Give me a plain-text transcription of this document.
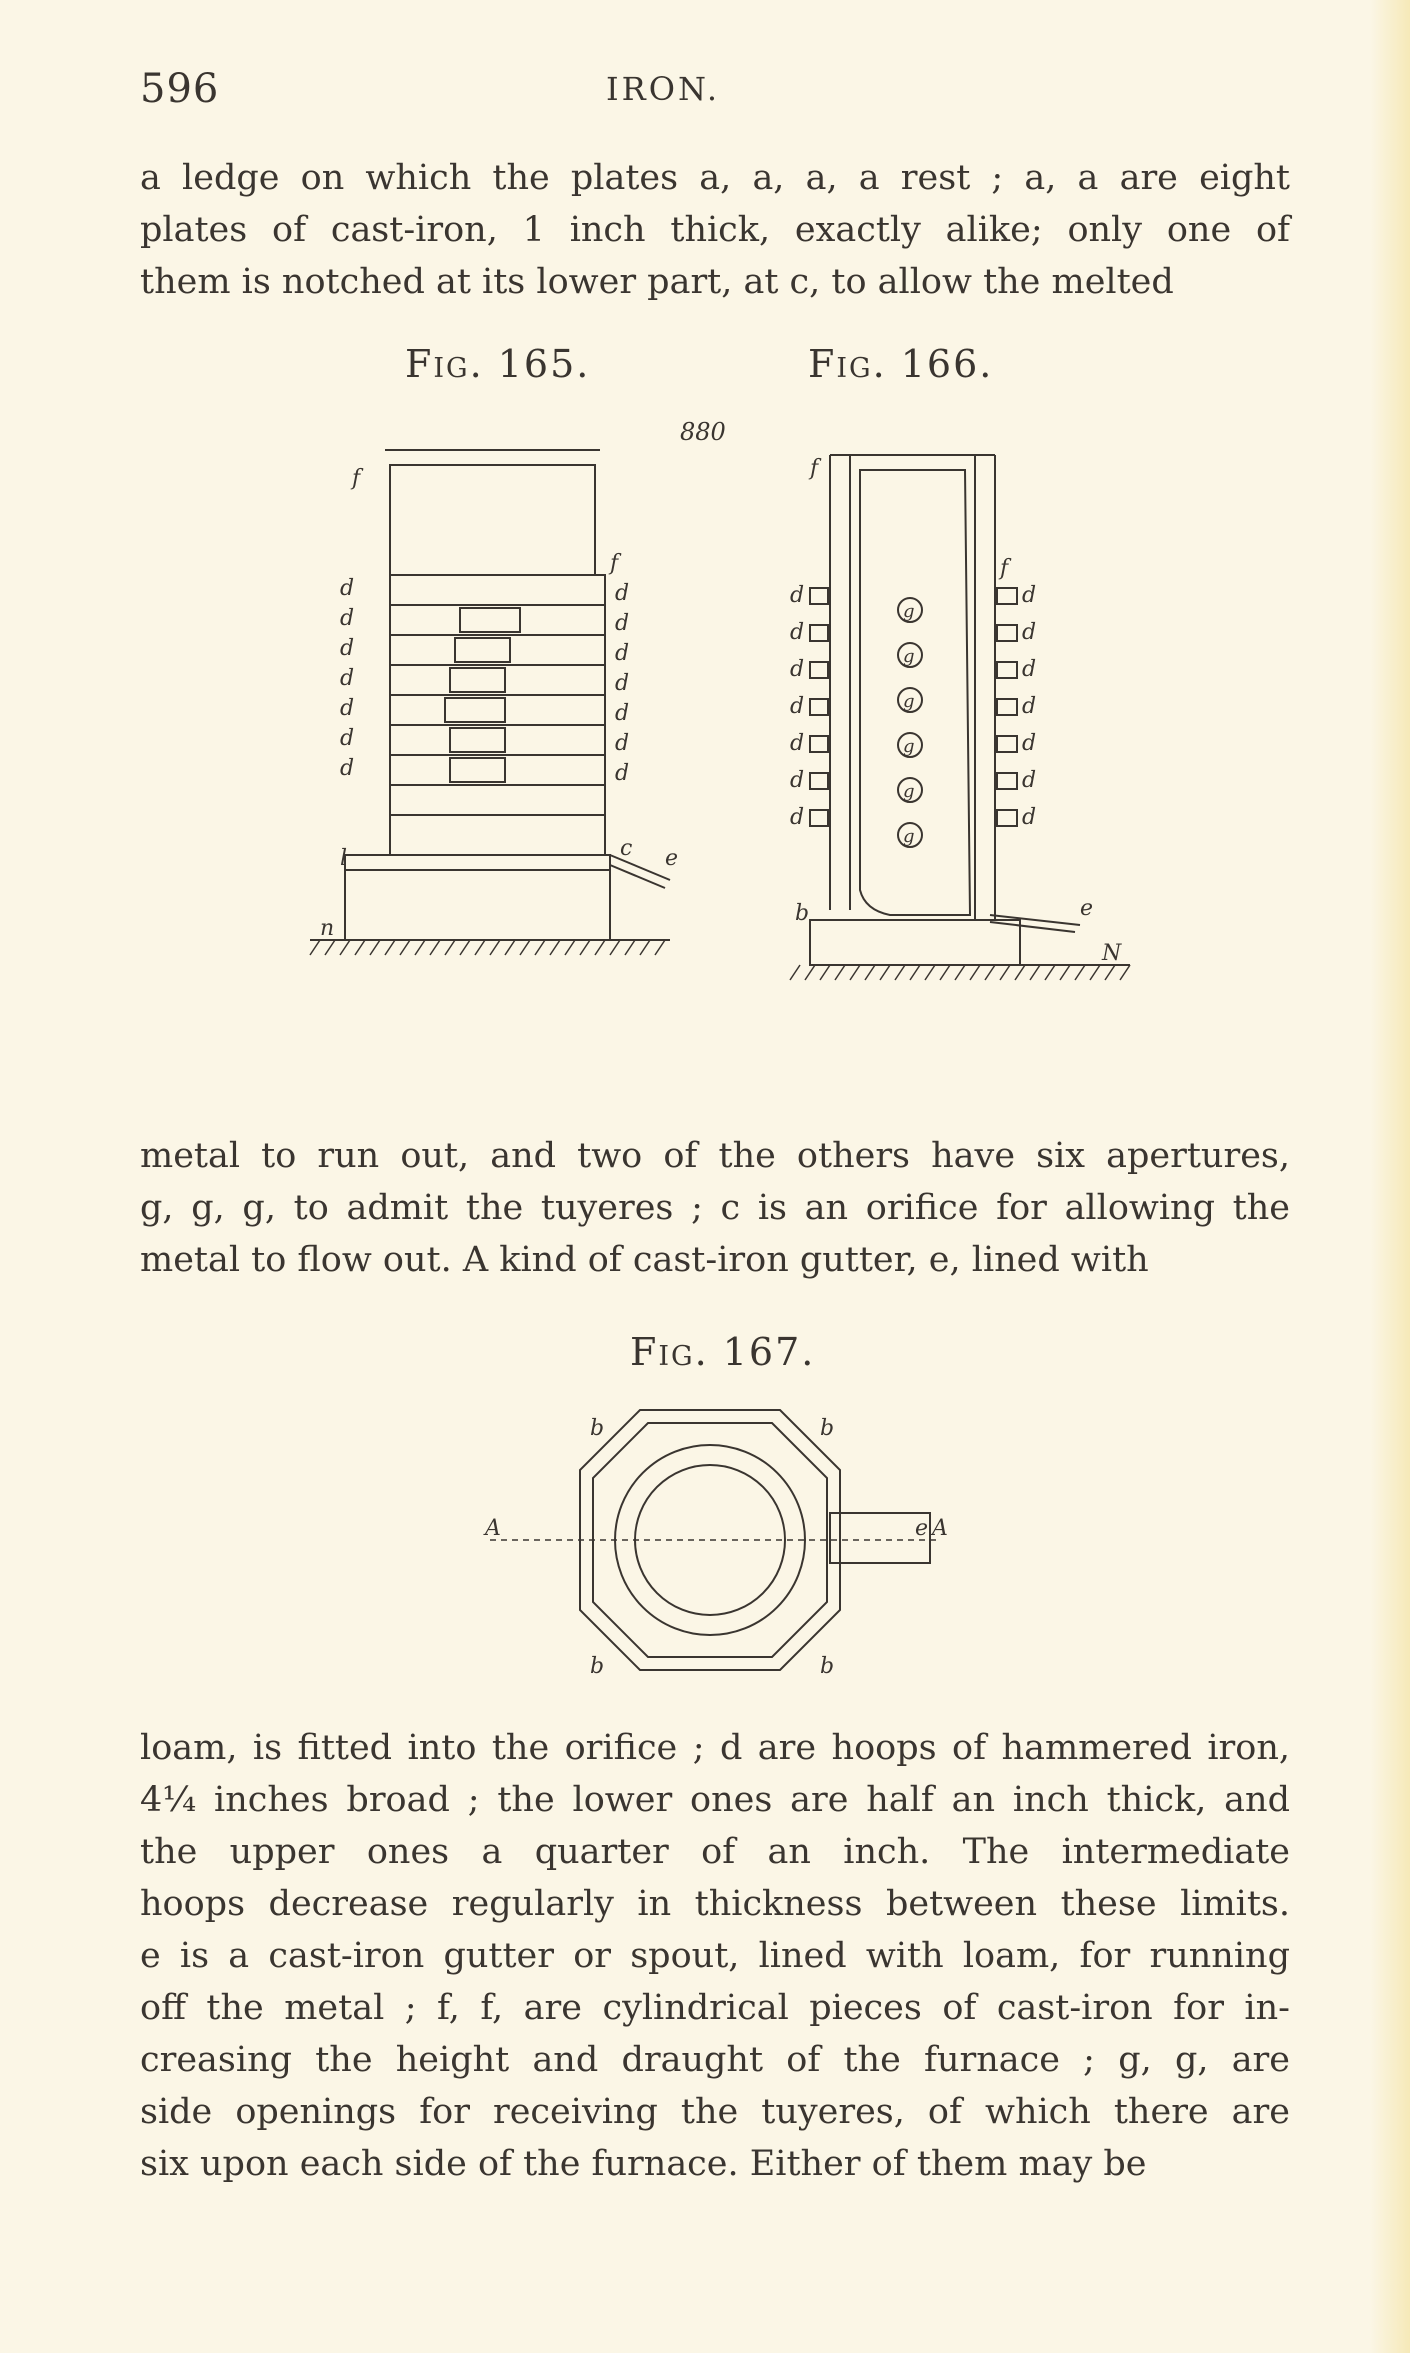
596	IRON.

a ledge on which the plates a, a, a, a rest ; a, a are eight
plates of cast-iron, 1 inch thick, exactly alike; only one of
them is notched at its lower part, at c, to allow the melted

Fig. 165.	Fig. 166.
880
f
d
d
d
d
d
d
d
l
n
f
d
d
d
d
d
d
d
c e
f
d
d
d
d
d
d
d
b
f
d
d
d
d
d
d
d
e
N
g
g
g
g
g
g

metal to run out, and two of the others have six apertures,
g, g, g, to admit the tuyeres ; c is an orifice for allowing the
metal to flow out. A kind of cast-iron gutter, e, lined with

Fig. 167.
A	A
b	b
b	b
e

loam, is fitted into the orifice ; d are hoops of hammered iron,
4¼ inches broad ; the lower ones are half an inch thick, and
the upper ones a quarter of an inch. The intermediate
hoops decrease regularly in thickness between these limits.
e is a cast-iron gutter or spout, lined with loam, for running
off the metal ; f, f, are cylindrical pieces of cast-iron for in-
creasing the height and draught of the furnace ; g, g, are
side openings for receiving the tuyeres, of which there are
six upon each side of the furnace. Either of them may be
